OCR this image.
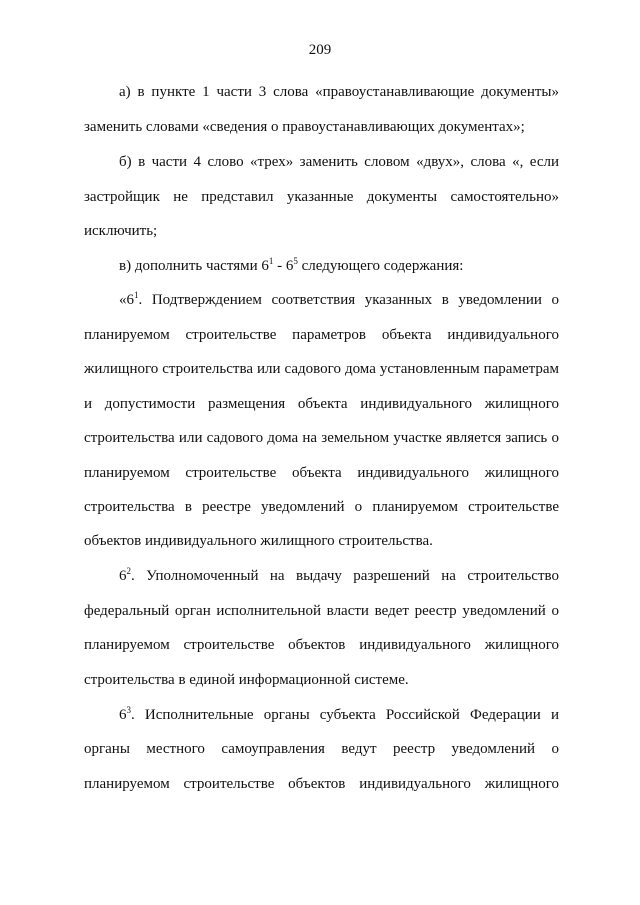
209
а) в пункте 1 части 3 слова «правоустанавливающие документы»
заменить словами «сведения о правоустанавливающих документах»;
б) в части 4 слово «трех» заменить словом «двух», слова «, если
застройщик не представил указанные документы самостоятельно»
исключить;
в) дополнить частями $6^1 - 6^5$ следующего содержания:
«$6^1$. Подтверждением соответствия указанных в уведомлении о
планируемом строительстве параметров объекта индивидуального
жилищного строительства или садового дома установленным параметрам
и допустимости размещения объекта индивидуального жилищного
строительства или садового дома на земельном участке является запись о
планируемом строительстве объекта индивидуального жилищного
строительства в реестре уведомлений о планируемом строительстве
объектов индивидуального жилищного строительства.
$6^2$. Уполномоченный на выдачу разрешений на строительство
федеральный орган исполнительной власти ведет реестр уведомлений о
планируемом строительстве объектов индивидуального жилищного
строительства в единой информационной системе.
$6^3$. Исполнительные органы субъекта Российской Федерации и
органы местного самоуправления ведут реестр уведомлений о
планируемом строительстве объектов индивидуального жилищного
